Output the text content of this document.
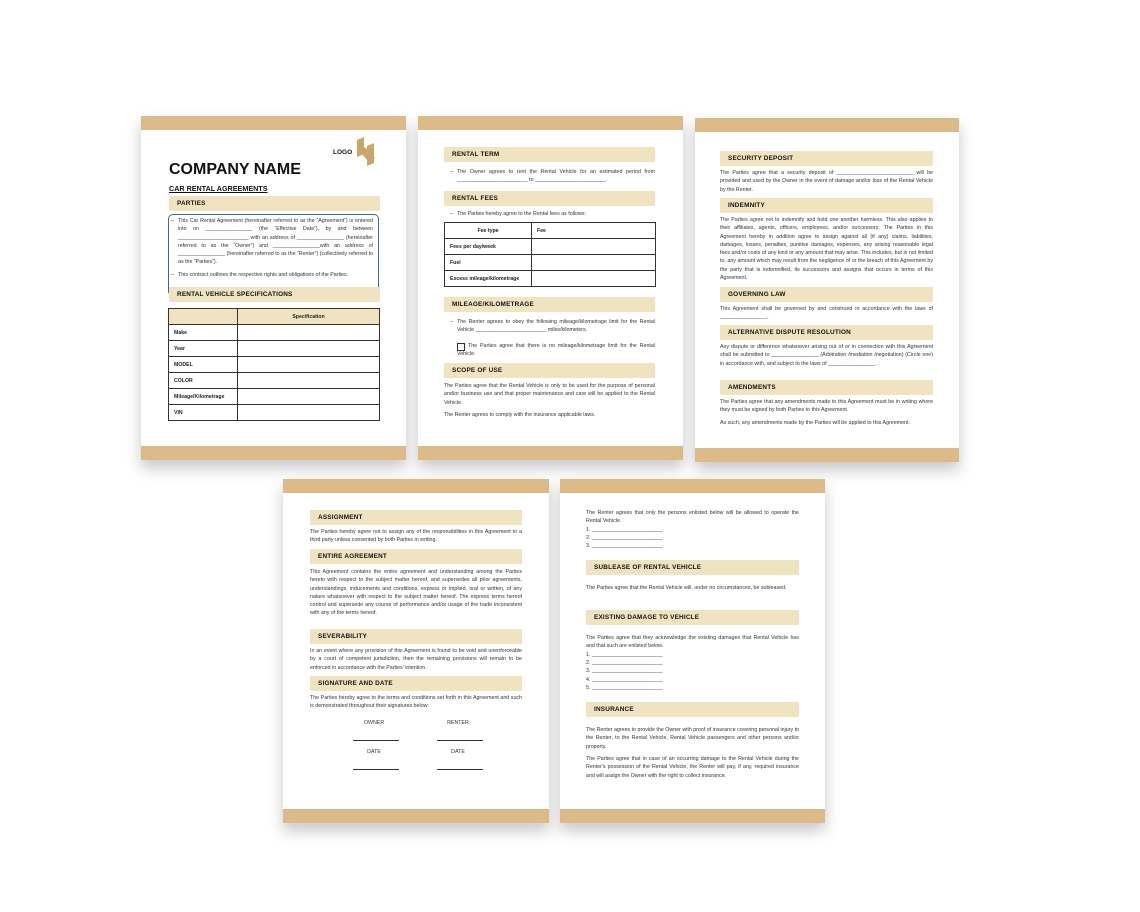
COMPANY NAME
LOGO
CAR RENTAL AGREEMENTS
PARTIES
– This Car Rental Agreement (hereinafter referred to as the “Agreement”) is entered into on ________________ (the “Effective Date”), by and between ________________________ with an address of ________________ (hereinafter referred to as the “Owner”) and ________________with an address of ________________ (hereinafter referred to as the “Renter”) (collectively referred to as the “Parties”).
– This contract outlines the respective rights and obligations of the Parties.
RENTAL VEHICLE SPECIFICATIONS
	Specification
Make	
Year	
MODEL	
COLOR	
Mileage/Kilometrage	
VIN	
RENTAL TERM
– The Owner agrees to rent the Rental Vehicle for an estimated period from ________________________ to ________________________.
RENTAL FEES
– The Parties hereby agree to the Rental fees as follows:
Fee type	Fee
Fees per day/week	
Fuel	
Excess mileage/kilometrage	
MILEAGE/KILOMETRAGE
– The Renter agrees to obey the following mileage/kilometrage limit for the Rental Vehicle ________________________ miles/kilometers.
The Parties agree that there is no mileage/kilometrage limit for the Rental Vehicle.
SCOPE OF USE
The Parties agree that the Rental Vehicle is only to be used for the purpose of personal and/or business use and that proper maintenance and care will be applied to the Rental Vehicle.
The Renter agrees to comply with the insurance applicable laws.
SECURITY DEPOSIT
The Parties agree that a security deposit of __________________________ will be provided and used by the Owner in the event of damage and/or loss of the Rental Vehicle by the Renter.
INDEMNITY
The Parties agree not to indemnify and hold one another harmless. This also applies to their affiliates, agents, officers, employees, and/or successors. The Parties in this Agreement hereby in addition agree to assign against all (if any) claims, liabilities, damages, losses, penalties, punitive damages, expenses, any arising reasonable legal fees and/or costs of any kind or any amount that may arise. This includes, but is not limited to, any amount which may result from the negligence of or the breach of this Agreement by the party that is indemnified, its successors and assigns that occurs in terms of this Agreement.
GOVERNING LAW
This Agreement shall be governed by and construed in accordance with the laws of ________________.
ALTERNATIVE DISPUTE RESOLUTION
Any dispute or difference whatsoever arising out of or in connection with this Agreement shall be submitted to ________________ (Arbitration /mediation /negotiation) (Circle one) in accordance with, and subject to the laws of ________________.
AMENDMENTS
The Parties agree that any amendments made to this Agreement must be in writing where they must be signed by both Parties to this Agreement.
As such, any amendments made by the Parties will be applied to this Agreement.
ASSIGNMENT
The Parties hereby agree not to assign any of the responsibilities in this Agreement to a third party unless consented by both Parties in writing.
ENTIRE AGREEMENT
This Agreement contains the entire agreement and understanding among the Parties hereto with respect to the subject matter hereof, and supersedes all prior agreements, understandings, inducements and conditions, express or implied, oral or written, of any nature whatsoever with respect to the subject matter hereof. The express terms hereof control and supersede any course of performance and/or usage of the trade inconsistent with any of the terms hereof.
SEVERABILITY
In an event where any provision of this Agreement is found to be void and unenforceable by a court of competent jurisdiction, then the remaining provisions will remain to be enforced in accordance with the Parties’ intention.
SIGNATURE AND DATE
The Parties hereby agree to the terms and conditions set forth in this Agreement and such is demonstrated throughout their signatures below:
OWNER	RENTER
DATE	DATE
The Renter agrees that only the persons enlisted below will be allowed to operate the Rental Vehicle.
1. ________________________
2. ________________________
3. ________________________
SUBLEASE OF RENTAL VEHICLE
The Parties agree that the Rental Vehicle will, under no circumstances, be subleased.
EXISTING DAMAGE TO VEHICLE
The Parties agree that they acknowledge the existing damages that Rental Vehicle has and that such are enlisted below.
1. ________________________
2. ________________________
3. ________________________
4. ________________________
5. ________________________
INSURANCE
The Renter agrees to provide the Owner with proof of insurance covering personal injury to the Renter, to the Rental Vehicle, Rental Vehicle passengers and other persons and/or property.
The Parties agree that in case of an occurring damage to the Rental Vehicle during the Renter's possession of the Rental Vehicle, the Renter will pay, if any, required insurance and will assign the Owner with the right to collect insurance.
